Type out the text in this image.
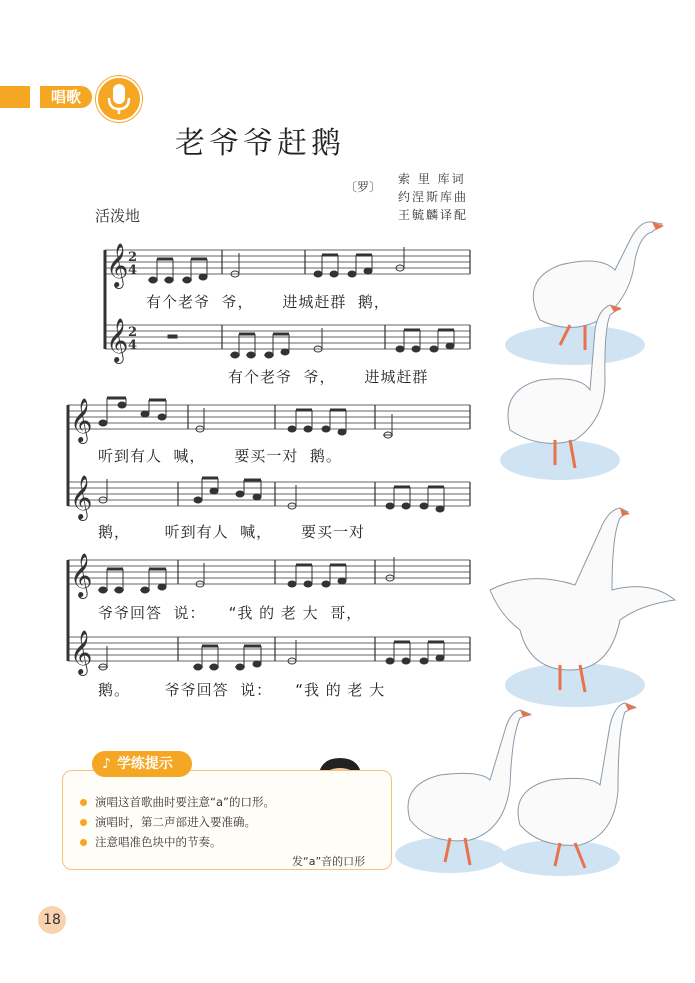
唱歌
老爷爷赶鹅
〔罗〕
索 里 库词
约涅斯库曲
王毓麟译配
活泼地
𝄞
𝄞
𝄞
𝄞
𝄞
𝄞
2
4
2
4
有个老爷  爷，     进城赶群  鹅，
有个老爷  爷，     进城赶群
听到有人  喊，     要买一对  鹅。
鹅，      听到有人  喊，     要买一对
爷爷回答  说：    “我 的 老 大  哥，
鹅。      爷爷回答  说：    “我 的 老 大
♪ 学练提示
演唱这首歌曲时要注意“a”的口形。
演唱时，第二声部进入要准确。
注意唱准色块中的节奏。
发“a”音的口形
18
